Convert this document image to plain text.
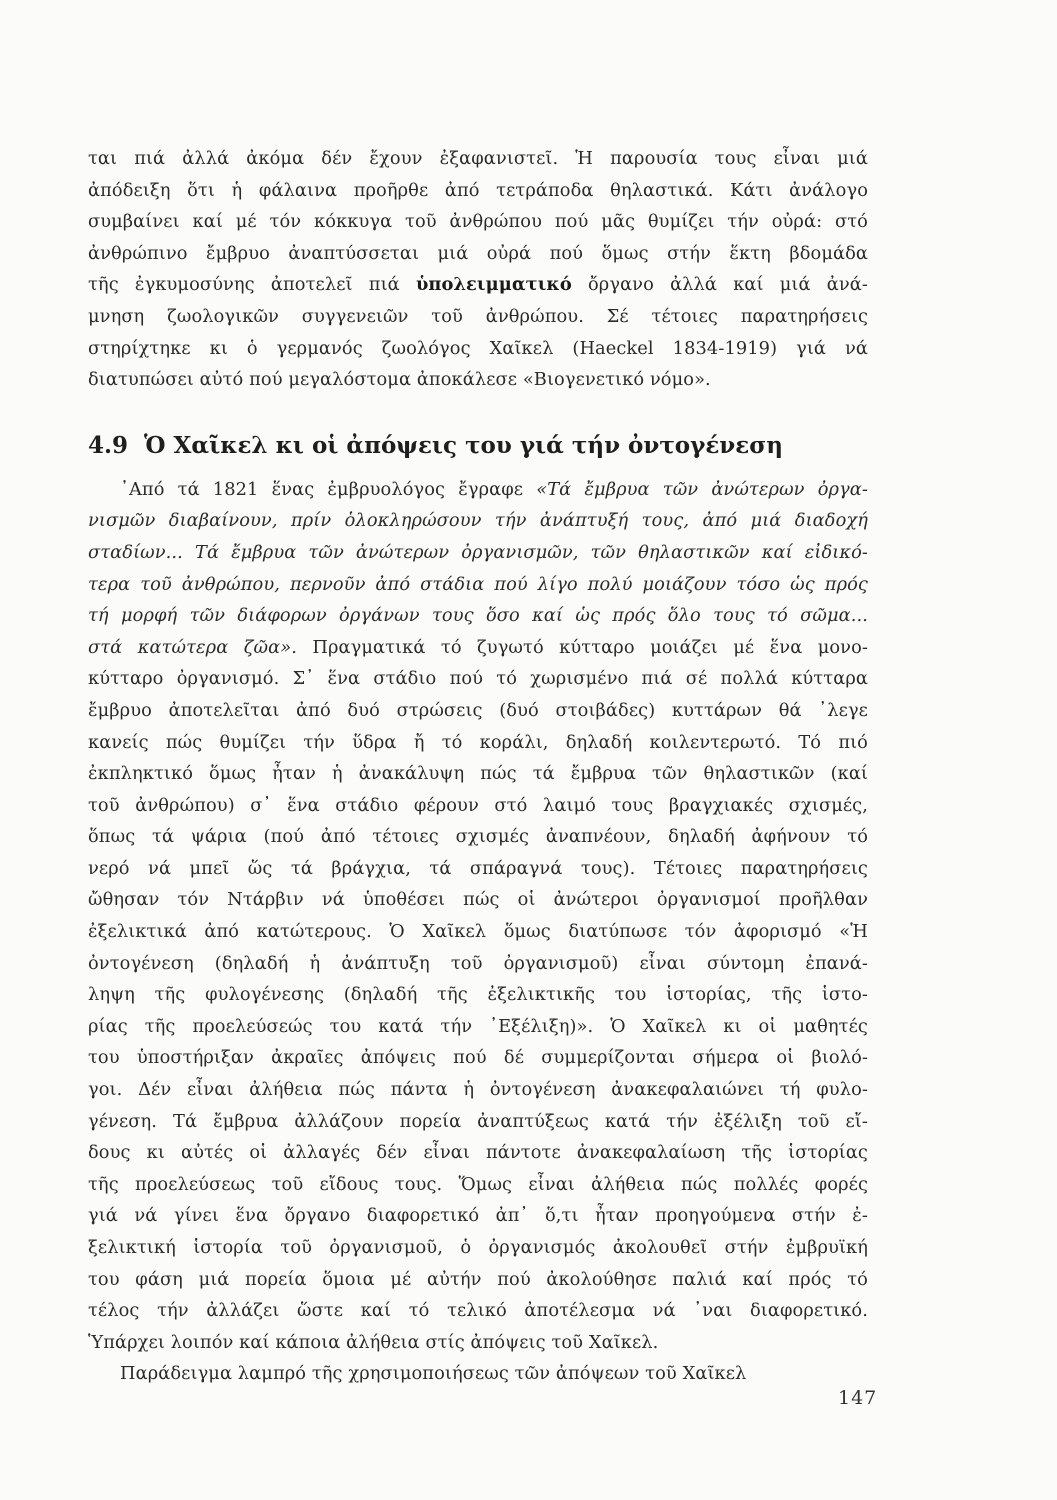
ται πιά ἀλλά ἀκόμα δέν ἔχουν ἐξαφανιστεῖ. Ἡ παρουσία τους εἶναι μιά
ἀπόδειξη ὅτι ἡ φάλαινα προῆρθε ἀπό τετράποδα θηλαστικά. Κάτι ἀνάλογο
συμβαίνει καί μέ τόν κόκκυγα τοῦ ἀνθρώπου πού μᾶς θυμίζει τήν οὐρά: στό
ἀνθρώπινο ἔμβρυο ἀναπτύσσεται μιά οὐρά πού ὅμως στήν ἕκτη βδομάδα
τῆς ἐγκυμοσύνης ἀποτελεῖ πιά ὑπολειμματικό ὄργανο ἀλλά καί μιά ἀνά-
μνηση ζωολογικῶν συγγενειῶν τοῦ ἀνθρώπου. Σέ τέτοιες παρατηρήσεις
στηρίχτηκε κι ὁ γερμανός ζωολόγος Χαῖκελ (Haeckel 1834-1919) γιά νά
διατυπώσει αὐτό πού μεγαλόστομα ἀποκάλεσε «Βιογενετικό νόμο».
4.9 Ὁ Χαῖκελ κι οἱ ἀπόψεις του γιά τήν ὀντογένεση
᾿Από τά 1821 ἕνας ἐμβρυολόγος ἔγραφε «Τά ἔμβρυα τῶν ἀνώτερων ὀργα-
νισμῶν διαβαίνουν, πρίν ὁλοκληρώσουν τήν ἀνάπτυξή τους, ἀπό μιά διαδοχή
σταδίων... Τά ἔμβρυα τῶν ἀνώτερων ὀργανισμῶν, τῶν θηλαστικῶν καί εἰδικό-
τερα τοῦ ἀνθρώπου, περνοῦν ἀπό στάδια πού λίγο πολύ μοιάζουν τόσο ὡς πρός
τή μορφή τῶν διάφορων ὀργάνων τους ὅσο καί ὡς πρός ὅλο τους τό σῶμα...
στά κατώτερα ζῶα». Πραγματικά τό ζυγωτό κύτταρο μοιάζει μέ ἕνα μονο-
κύτταρο ὀργανισμό. Σ᾿ ἕνα στάδιο πού τό χωρισμένο πιά σέ πολλά κύτταρα
ἔμβρυο ἀποτελεῖται ἀπό δυό στρώσεις (δυό στοιβάδες) κυττάρων θά ᾿λεγε
κανείς πώς θυμίζει τήν ὕδρα ἤ τό κοράλι, δηλαδή κοιλεντερωτό. Τό πιό
ἐκπληκτικό ὅμως ἦταν ἡ ἀνακάλυψη πώς τά ἔμβρυα τῶν θηλαστικῶν (καί
τοῦ ἀνθρώπου) σ᾿ ἕνα στάδιο φέρουν στό λαιμό τους βραγχιακές σχισμές,
ὅπως τά ψάρια (πού ἀπό τέτοιες σχισμές ἀναπνέουν, δηλαδή ἀφήνουν τό
νερό νά μπεῖ ὥς τά βράγχια, τά σπάραγνά τους). Τέτοιες παρατηρήσεις
ὤθησαν τόν Ντάρβιν νά ὑποθέσει πώς οἱ ἀνώτεροι ὀργανισμοί προῆλθαν
ἐξελικτικά ἀπό κατώτερους. Ὁ Χαῖκελ ὅμως διατύπωσε τόν ἀφορισμό «Ἡ
ὀντογένεση (δηλαδή ἡ ἀνάπτυξη τοῦ ὀργανισμοῦ) εἶναι σύντομη ἐπανά-
ληψη τῆς φυλογένεσης (δηλαδή τῆς ἐξελικτικῆς του ἱστορίας, τῆς ἱστο-
ρίας τῆς προελεύσεώς του κατά τήν ᾿Εξέλιξη)». Ὁ Χαῖκελ κι οἱ μαθητές
του ὑποστήριξαν ἀκραῖες ἀπόψεις πού δέ συμμερίζονται σήμερα οἱ βιολό-
γοι. Δέν εἶναι ἀλήθεια πώς πάντα ἡ ὀντογένεση ἀνακεφαλαιώνει τή φυλο-
γένεση. Τά ἔμβρυα ἀλλάζουν πορεία ἀναπτύξεως κατά τήν ἐξέλιξη τοῦ εἴ-
δους κι αὐτές οἱ ἀλλαγές δέν εἶναι πάντοτε ἀνακεφαλαίωση τῆς ἱστορίας
τῆς προελεύσεως τοῦ εἴδους τους. Ὅμως εἶναι ἀλήθεια πώς πολλές φορές
γιά νά γίνει ἕνα ὄργανο διαφορετικό ἀπ᾿ ὅ,τι ἦταν προηγούμενα στήν ἐ-
ξελικτική ἱστορία τοῦ ὀργανισμοῦ, ὁ ὀργανισμός ἀκολουθεῖ στήν ἐμβρυϊκή
του φάση μιά πορεία ὅμοια μέ αὐτήν πού ἀκολούθησε παλιά καί πρός τό
τέλος τήν ἀλλάζει ὥστε καί τό τελικό ἀποτέλεσμα νά ᾿ναι διαφορετικό.
Ὑπάρχει λοιπόν καί κάποια ἀλήθεια στίς ἀπόψεις τοῦ Χαῖκελ.
Παράδειγμα λαμπρό τῆς χρησιμοποιήσεως τῶν ἀπόψεων τοῦ Χαῖκελ
147
